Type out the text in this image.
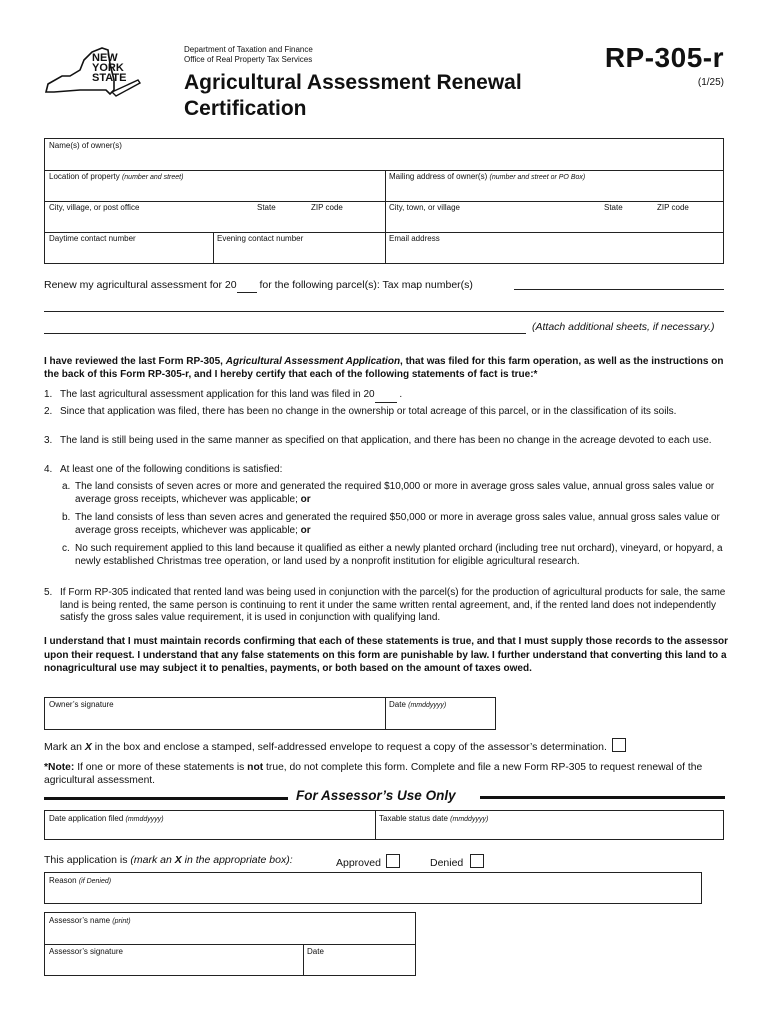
NEW
YORK
STATE
Department of Taxation and Finance
Office of Real Property Tax Services
Agricultural Assessment Renewal
Certification
RP-305-r
(1/25)
Name(s) of owner(s)
Location of property (number and street)	Mailing address of owner(s) (number and street or PO Box)
City, village, or post office	State	ZIP code	City, town, or village	State	ZIP code
Daytime contact number	Evening contact number	Email address
Renew my agricultural assessment for 20 for the following parcel(s): Tax map number(s)
(Attach additional sheets, if necessary.)
I have reviewed the last Form RP-305, Agricultural Assessment Application, that was filed for this farm operation, as well as the instructions on the back of this Form RP-305-r, and I hereby certify that each of the following statements of fact is true:*
1. The last agricultural assessment application for this land was filed in 20 .
2. Since that application was filed, there has been no change in the ownership or total acreage of this parcel, or in the classification of its soils.
3. The land is still being used in the same manner as specified on that application, and there has been no change in the acreage devoted to each use.
4. At least one of the following conditions is satisfied:
a. The land consists of seven acres or more and generated the required $10,000 or more in average gross sales value, annual gross sales value or average gross receipts, whichever was applicable; or
b. The land consists of less than seven acres and generated the required $50,000 or more in average gross sales value, annual gross sales value or average gross receipts, whichever was applicable; or
c. No such requirement applied to this land because it qualified as either a newly planted orchard (including tree nut orchard), vineyard, or hopyard, a newly established Christmas tree operation, or land used by a nonprofit institution for eligible agricultural research.
5. If Form RP-305 indicated that rented land was being used in conjunction with the parcel(s) for the production of agricultural products for sale, the same land is being rented, the same person is continuing to rent it under the same written rental agreement, and, if the rented land does not independently satisfy the gross sales value requirement, it is used in conjunction with qualifying land.
I understand that I must maintain records confirming that each of these statements is true, and that I must supply those records to the assessor upon their request. I understand that any false statements on this form are punishable by law. I further understand that converting this land to a nonagricultural use may subject it to penalties, payments, or both based on the amount of taxes owed.
Owner’s signature	Date (mmddyyyy)
Mark an X in the box and enclose a stamped, self-addressed envelope to request a copy of the assessor’s determination.
*Note: If one or more of these statements is not true, do not complete this form. Complete and file a new Form RP-305 to request renewal of the agricultural assessment.
For Assessor’s Use Only
Date application filed (mmddyyyy)	Taxable status date (mmddyyyy)
This application is (mark an X in the appropriate box):	Approved	Denied
Reason (if Denied)
Assessor’s name (print)
Assessor’s signature	Date
